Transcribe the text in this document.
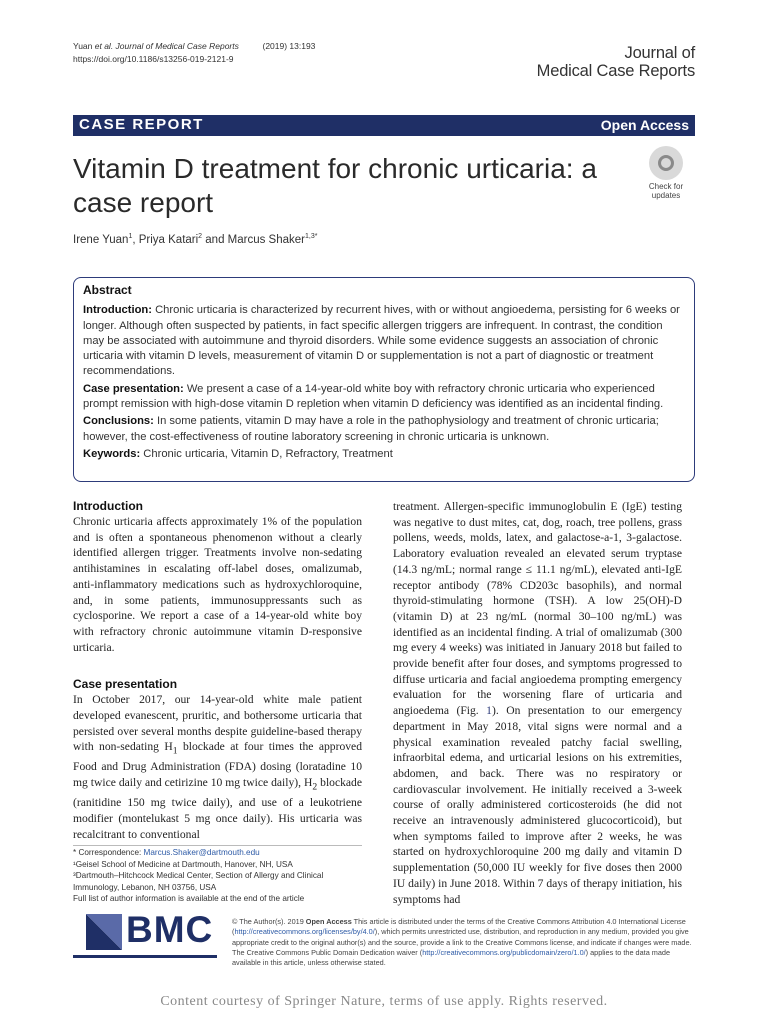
Yuan et al. Journal of Medical Case Reports	(2019) 13:193
https://doi.org/10.1186/s13256-019-2121-9	Journal of
Medical Case Reports
CASE REPORT	Open Access
Vitamin D treatment for chronic urticaria: a case report
Check for
updates
Irene Yuan$^1$, Priya Katari$^2$ and Marcus Shaker$^{1,3*}$
Abstract

Introduction: Chronic urticaria is characterized by recurrent hives, with or without angioedema, persisting for 6 weeks or longer. Although often suspected by patients, in fact specific allergen triggers are infrequent. In contrast, the condition may be associated with autoimmune and thyroid disorders. While some evidence suggests an association of chronic urticaria with vitamin D levels, measurement of vitamin D or supplementation is not a part of diagnostic or treatment recommendations.

Case presentation: We present a case of a 14-year-old white boy with refractory chronic urticaria who experienced prompt remission with high-dose vitamin D repletion when vitamin D deficiency was identified as an incidental finding.

Conclusions: In some patients, vitamin D may have a role in the pathophysiology and treatment of chronic urticaria; however, the cost-effectiveness of routine laboratory screening in chronic urticaria is unknown.

Keywords: Chronic urticaria, Vitamin D, Refractory, Treatment

Introduction

Chronic urticaria affects approximately 1% of the population and is often a spontaneous phenomenon without a clearly identified allergen trigger. Treatments involve non-sedating antihistamines in escalating off-label doses, omalizumab, anti-inflammatory medications such as hydroxychloroquine, and, in some patients, immunosuppressants such as cyclosporine. We report a case of a 14-year-old white boy with refractory chronic autoimmune vitamin D-responsive urticaria.

Case presentation

In October 2017, our 14-year-old white male patient developed evanescent, pruritic, and bothersome urticaria that persisted over several months despite guideline-based therapy with non-sedating $H_1$ blockade at four times the approved Food and Drug Administration (FDA) dosing (loratadine 10 mg twice daily and cetirizine 10 mg twice daily), $H_2$ blockade (ranitidine 150 mg twice daily), and use of a leukotriene modifier (montelukast 5 mg once daily). His urticaria was recalcitrant to conventional

treatment. Allergen-specific immunoglobulin E (IgE) testing was negative to dust mites, cat, dog, roach, tree pollens, grass pollens, weeds, molds, latex, and galactose-a-1, 3-galactose. Laboratory evaluation revealed an elevated serum tryptase (14.3 ng/mL; normal range ≤ 11.1 ng/mL), elevated anti-IgE receptor antibody (78% CD203c basophils), and normal thyroid-stimulating hormone (TSH). A low 25(OH)-D (vitamin D) at 23 ng/mL (normal 30–100 ng/mL) was identified as an incidental finding. A trial of omalizumab (300 mg every 4 weeks) was initiated in January 2018 but failed to provide benefit after four doses, and symptoms progressed to diffuse urticaria and facial angioedema prompting emergency evaluation for the worsening flare of urticaria and angioedema (Fig. 1). On presentation to our emergency department in May 2018, vital signs were normal and a physical examination revealed patchy facial swelling, infraorbital edema, and urticarial lesions on his extremities, abdomen, and back. There was no respiratory or cardiovascular involvement. He initially received a 3-week course of orally administered corticosteroids (he did not receive an intravenously administered glucocorticoid), but when symptoms failed to improve after 2 weeks, he was started on hydroxychloroquine 200 mg daily and vitamin D supplementation (50,000 IU weekly for five doses then 2000 IU daily) in June 2018. Within 7 days of therapy initiation, his symptoms had

* Correspondence: Marcus.Shaker@dartmouth.edu
¹Geisel School of Medicine at Dartmouth, Hanover, NH, USA
³Dartmouth–Hitchcock Medical Center, Section of Allergy and Clinical Immunology, Lebanon, NH 03756, USA
Full list of author information is available at the end of the article
BMC	© The Author(s). 2019 Open Access This article is distributed under the terms of the Creative Commons Attribution 4.0 International License (http://creativecommons.org/licenses/by/4.0/), which permits unrestricted use, distribution, and reproduction in any medium, provided you give appropriate credit to the original author(s) and the source, provide a link to the Creative Commons license, and indicate if changes were made. The Creative Commons Public Domain Dedication waiver (http://creativecommons.org/publicdomain/zero/1.0/) applies to the data made available in this article, unless otherwise stated.
Content courtesy of Springer Nature, terms of use apply. Rights reserved.
